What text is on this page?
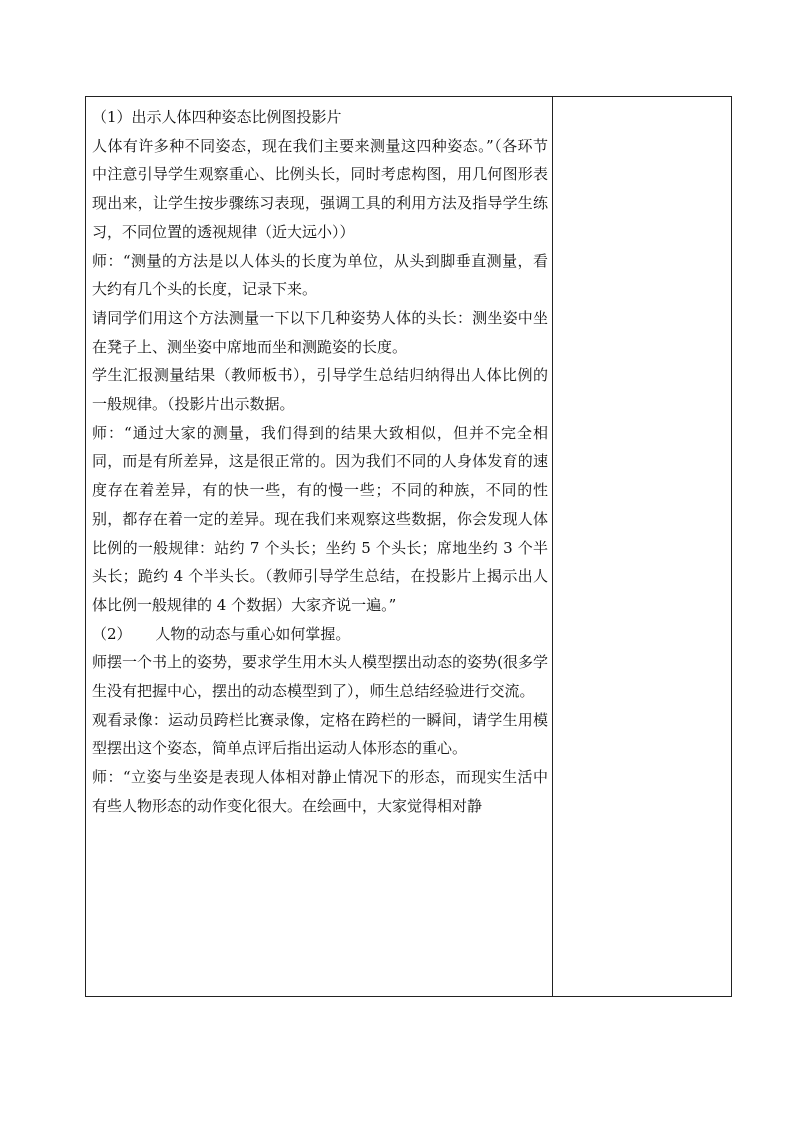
（1）出示人体四种姿态比例图投影片

人体有许多种不同姿态，现在我们主要来测量这四种姿态。”（各环节中注意引导学生观察重心、比例头长，同时考虑构图，用几何图形表现出来，让学生按步骤练习表现，强调工具的利用方法及指导学生练习，不同位置的透视规律（近大远小））

师：“测量的方法是以人体头的长度为单位，从头到脚垂直测量，看大约有几个头的长度，记录下来。

请同学们用这个方法测量一下以下几种姿势人体的头长：测坐姿中坐在凳子上、测坐姿中席地而坐和测跪姿的长度。

学生汇报测量结果（教师板书），引导学生总结归纳得出人体比例的一般规律。（投影片出示数据。

师：“通过大家的测量，我们得到的结果大致相似，但并不完全相同，而是有所差异，这是很正常的。因为我们不同的人身体发育的速度存在着差异，有的快一些，有的慢一些；不同的种族，不同的性别，都存在着一定的差异。现在我们来观察这些数据，你会发现人体比例的一般规律：站约 7 个头长；坐约 5 个头长；席地坐约 3 个半头长；跪约 4 个半头长。（教师引导学生总结，在投影片上揭示出人体比例一般规律的 4 个数据）大家齐说一遍。”

（2）     人物的动态与重心如何掌握。

师摆一个书上的姿势，要求学生用木头人模型摆出动态的姿势(很多学生没有把握中心，摆出的动态模型到了），师生总结经验进行交流。

观看录像：运动员跨栏比赛录像，定格在跨栏的一瞬间，请学生用模型摆出这个姿态，简单点评后指出运动人体形态的重心。

师：“立姿与坐姿是表现人体相对静止情况下的形态，而现实生活中有些人物形态的动作变化很大。在绘画中，大家觉得相对静
